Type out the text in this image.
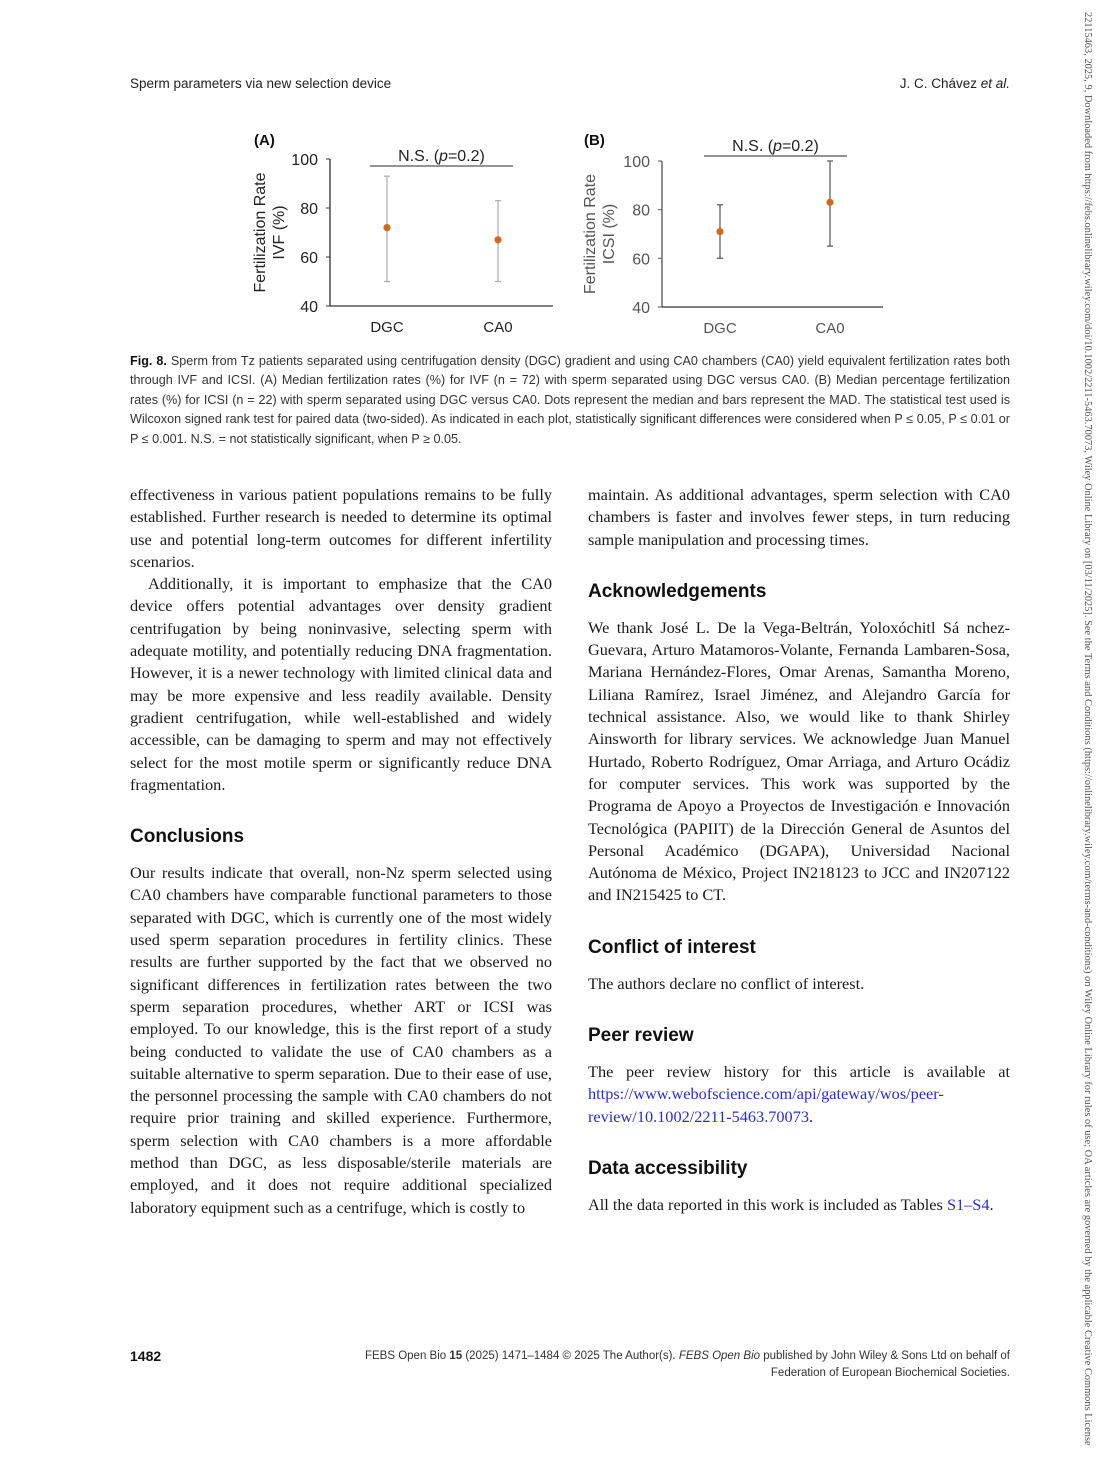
Sperm parameters via new selection device	J. C. Chávez et al.
(A)
40
60
80
100
Fertilization Rate IVF (%)
DGC	CA0
N.S. (p=0.2)
(B)
40
60
80
100
Fertilization Rate ICSI (%)
DGC	CA0
N.S. (p=0.2)
Fig. 8. Sperm from Tz patients separated using centrifugation density (DGC) gradient and using CA0 chambers (CA0) yield equivalent fertilization rates both through IVF and ICSI. (A) Median fertilization rates (%) for IVF (n = 72) with sperm separated using DGC versus CA0. (B) Median percentage fertilization rates (%) for ICSI (n = 22) with sperm separated using DGC versus CA0. Dots represent the median and bars represent the MAD. The statistical test used is Wilcoxon signed rank test for paired data (two-sided). As indicated in each plot, statistically significant differences were considered when P ≤ 0.05, P ≤ 0.01 or P ≤ 0.001. N.S. = not statistically significant, when P ≥ 0.05.

effectiveness in various patient populations remains to be fully established. Further research is needed to determine its optimal use and potential long-term outcomes for different infertility scenarios.

Additionally, it is important to emphasize that the CA0 device offers potential advantages over density gradient centrifugation by being noninvasive, selecting sperm with adequate motility, and potentially reducing DNA fragmentation. However, it is a newer technology with limited clinical data and may be more expensive and less readily available. Density gradient centrifugation, while well-established and widely accessible, can be damaging to sperm and may not effectively select for the most motile sperm or significantly reduce DNA fragmentation.

Conclusions

Our results indicate that overall, non-Nz sperm selected using CA0 chambers have comparable functional parameters to those separated with DGC, which is currently one of the most widely used sperm separation procedures in fertility clinics. These results are further supported by the fact that we observed no significant differences in fertilization rates between the two sperm separation procedures, whether ART or ICSI was employed. To our knowledge, this is the first report of a study being conducted to validate the use of CA0 chambers as a suitable alternative to sperm separation. Due to their ease of use, the personnel processing the sample with CA0 chambers do not require prior training and skilled experience. Furthermore, sperm selection with CA0 chambers is a more affordable method than DGC, as less disposable/sterile materials are employed, and it does not require additional specialized laboratory equipment such as a centrifuge, which is costly to

maintain. As additional advantages, sperm selection with CA0 chambers is faster and involves fewer steps, in turn reducing sample manipulation and processing times.

Acknowledgements

We thank José L. De la Vega-Beltrán, Yoloxóchitl Sá nchez-Guevara, Arturo Matamoros-Volante, Fernanda Lambaren-Sosa, Mariana Hernández-Flores, Omar Arenas, Samantha Moreno, Liliana Ramírez, Israel Jiménez, and Alejandro García for technical assistance. Also, we would like to thank Shirley Ainsworth for library services. We acknowledge Juan Manuel Hurtado, Roberto Rodríguez, Omar Arriaga, and Arturo Ocádiz for computer services. This work was supported by the Programa de Apoyo a Proyectos de Investigación e Innovación Tecnológica (PAPIIT) de la Dirección General de Asuntos del Personal Académico (DGAPA), Universidad Nacional Autónoma de México, Project IN218123 to JCC and IN207122 and IN215425 to CT.

Conflict of interest

The authors declare no conflict of interest.

Peer review

The peer review history for this article is available at https://www.webofscience.com/api/gateway/wos/peer-review/10.1002/2211-5463.70073.

Data accessibility

All the data reported in this work is included as Tables S1–S4.

1482	FEBS Open Bio 15 (2025) 1471–1484 © 2025 The Author(s). FEBS Open Bio published by John Wiley & Sons Ltd on behalf of
Federation of European Biochemical Societies.	22115463, 2025, 9, Downloaded from https://febs.onlinelibrary.wiley.com/doi/10.1002/2211-5463.70073, Wiley Online Library on [03/11/2025]. See the Terms and Conditions (https://onlinelibrary.wiley.com/terms-and-conditions) on Wiley Online Library for rules of use; OA articles are governed by the applicable Creative Commons License
